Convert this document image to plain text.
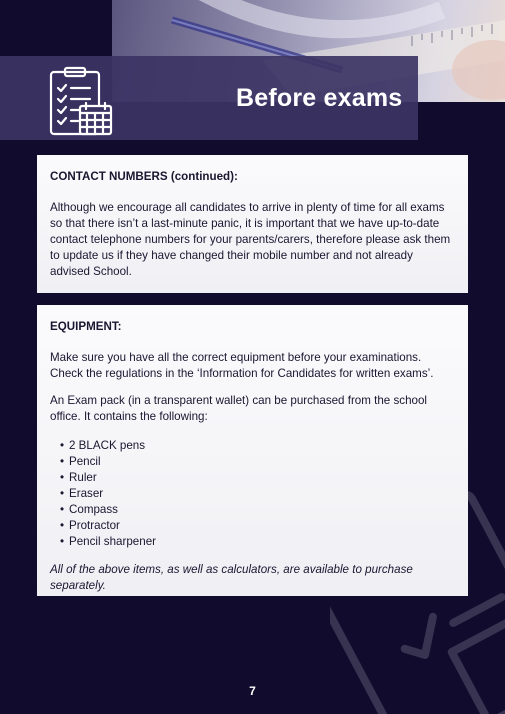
Before exams
CONTACT NUMBERS (continued):

Although we encourage all candidates to arrive in plenty of time for all exams so that there isn’t a last-minute panic, it is important that we have up-to-date contact telephone numbers for your parents/carers, therefore please ask them to update us if they have changed their mobile number and not already advised School.

EQUIPMENT:

Make sure you have all the correct equipment before your examinations. Check the regulations in the ‘Information for Candidates for written exams’.

An Exam pack (in a transparent wallet) can be purchased from the school office. It contains the following:

• 2 BLACK pens
• Pencil
• Ruler
• Eraser
• Compass
• Protractor
• Pencil sharpener

All of the above items, as well as calculators, are available to purchase separately.

7
